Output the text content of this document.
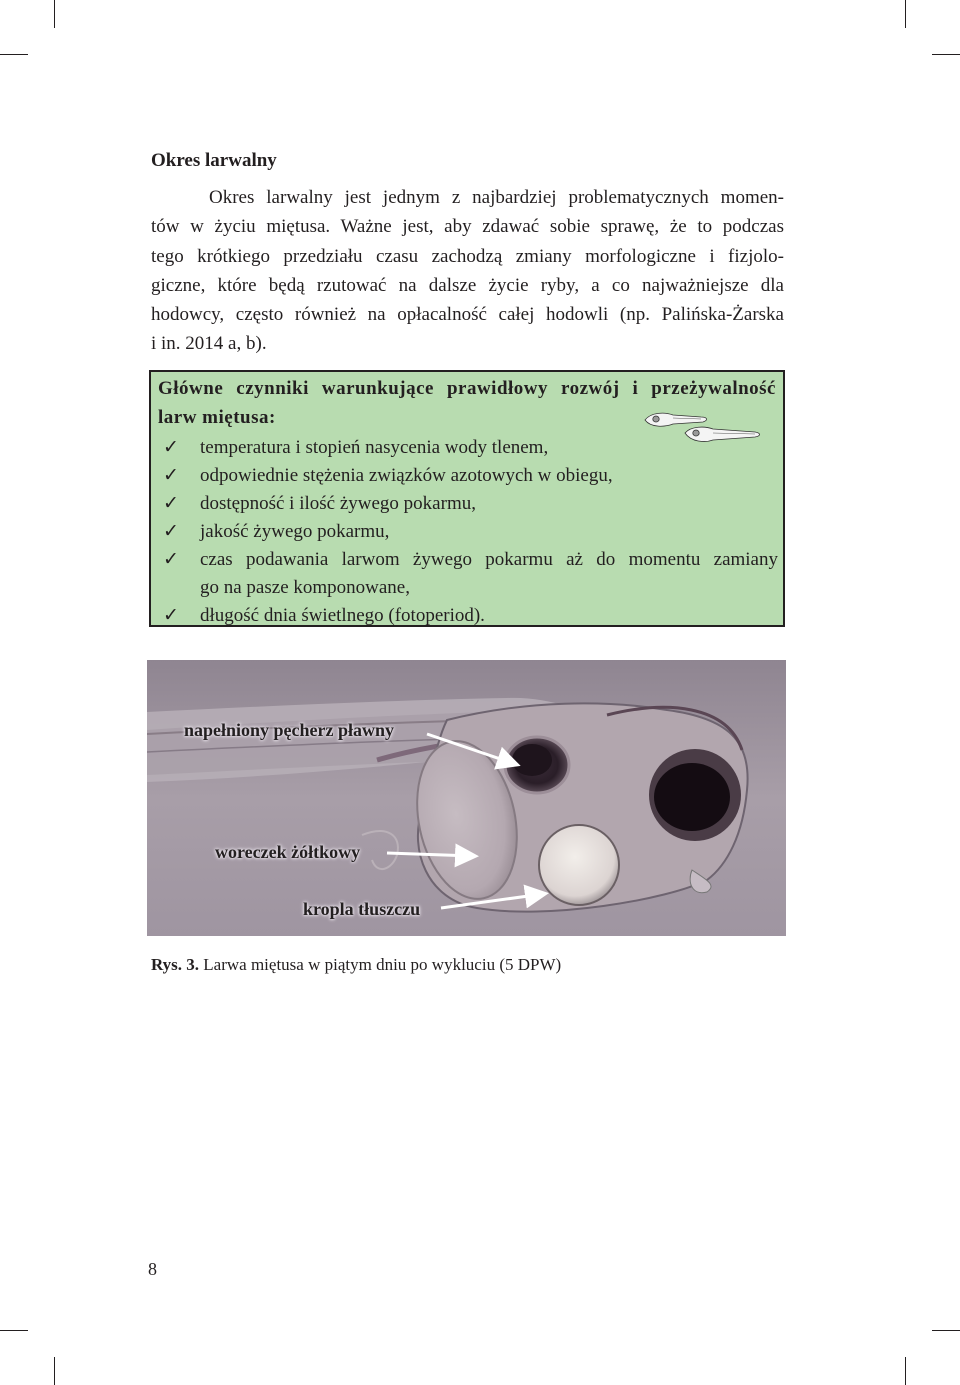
Okres larwalny
Okres larwalny jest jednym z najbardziej problematycznych momen-
tów w życiu miętusa. Ważne jest, aby zdawać sobie sprawę, że to podczas
tego krótkiego przedziału czasu zachodzą zmiany morfologiczne i fizjolo-
giczne, które będą rzutować na dalsze życie ryby, a co najważniejsze dla
hodowcy, często również na opłacalność całej hodowli (np. Palińska-Żarska
i in. 2014 a, b).
Główne czynniki warunkujące prawidłowy rozwój i przeżywalność
larw miętusa:
✓ temperatura i stopień nasycenia wody tlenem,
✓ odpowiednie stężenia związków azotowych w obiegu,
✓ dostępność i ilość żywego pokarmu,
✓ jakość żywego pokarmu,
✓ czas podawania larwom żywego pokarmu aż do momentu zamiany
go na pasze komponowane,
✓ długość dnia świetlnego (fotoperiod).
napełniony pęcherz pławny
woreczek żółtkowy
kropla tłuszczu
Rys. 3. Larwa miętusa w piątym dniu po wykluciu (5 DPW)
8
